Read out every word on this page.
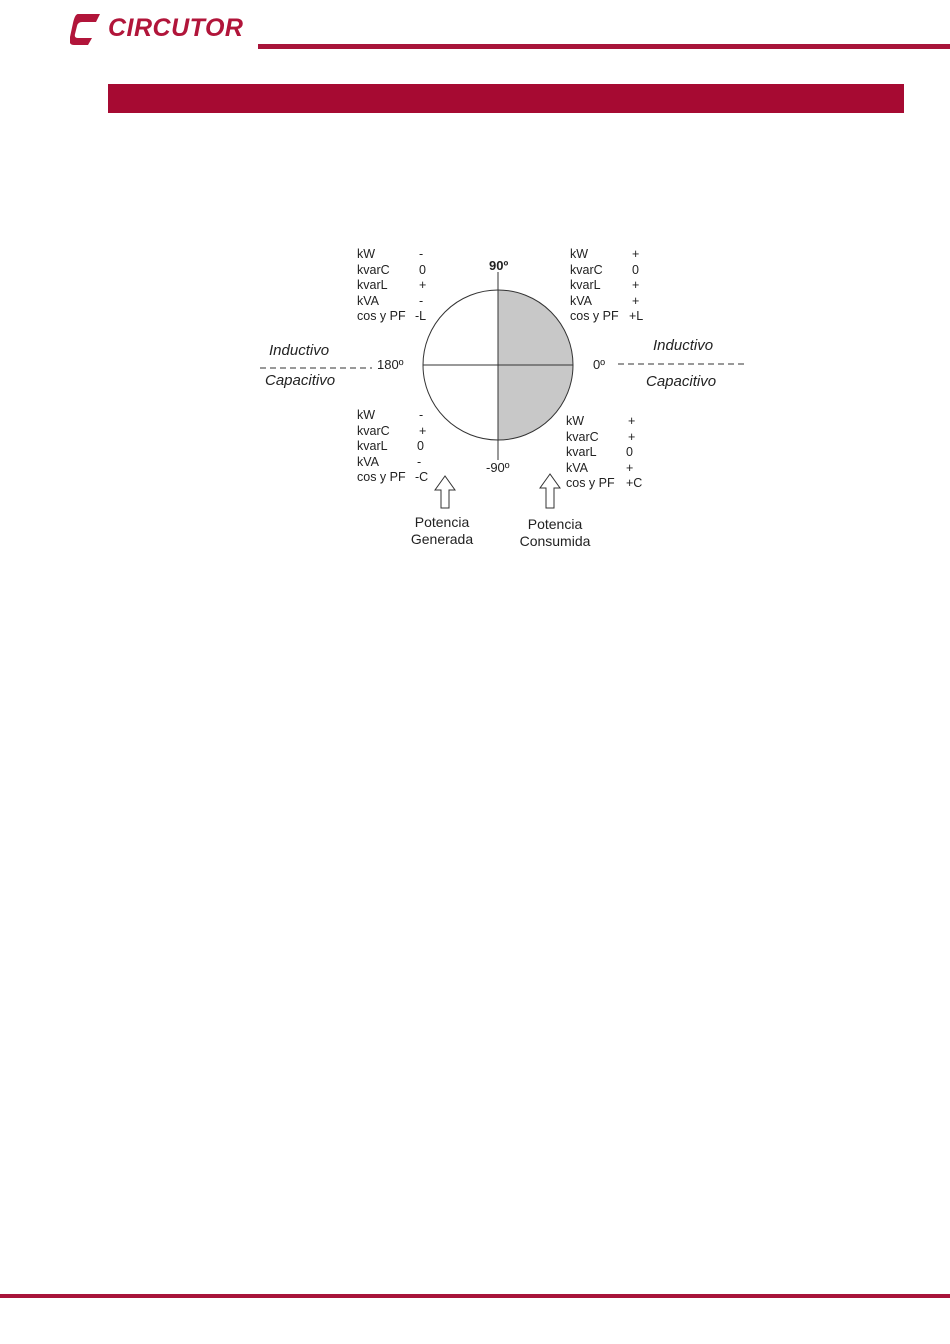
CIRCUTOR
90º
-90º
180º	0º
Inductivo
Capacitivo
Inductivo
Capacitivo
kW	-
kvarC 0
kvarL	+
kVA	-
cos y PF -L
kW	+
kvarC 0
kvarL	+
kVA	+
cos y PF +L
kW	-
kvarC +
kvarL 0
kVA	-
cos y PF -C
kW	+
kvarC +
kvarL 0
kVA	+
cos y PF +C
Potencia
Generada
Potencia
Consumida
